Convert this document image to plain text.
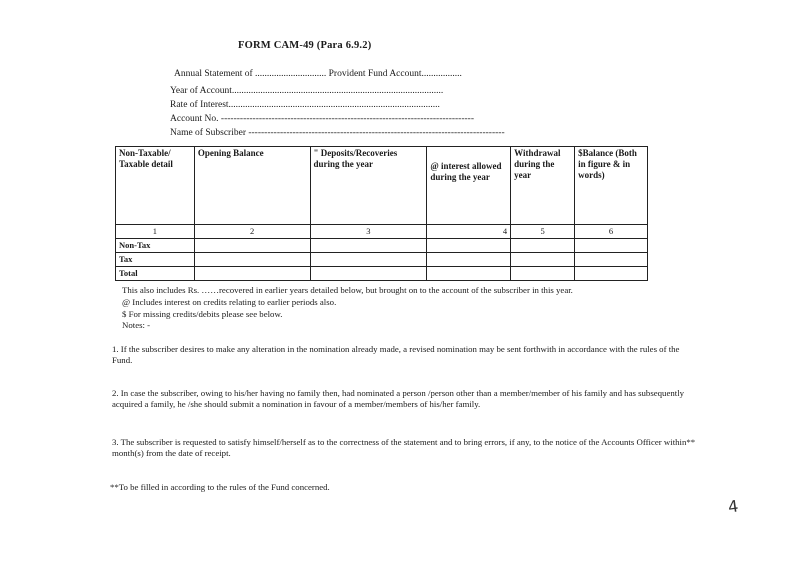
FORM CAM-49 (Para 6.9.2)
Annual Statement of .............................. Provident Fund Account.................
Year of Account.........................................................................................
Rate of Interest.........................................................................................
Account No. --------------------------------------------------------------------------------
Name of Subscriber ---------------------------------------------------------------------------------
Non-Taxable/ Taxable detail	Opening Balance	" Deposits/Recoveries during the year	@ interest allowed during the year	Withdrawal during the year	$Balance (Both in figure & in words)
1	2	3	4	5	6
Non-Tax					
Tax					
Total					
This also includes Rs. ……recovered in earlier years detailed below, but brought on to the account of the subscriber in this year.
@ Includes interest on credits relating to earlier periods also.
$ For missing credits/debits please see below.
Notes: -
1. If the subscriber desires to make any alteration in the nomination already made, a revised nomination may be sent forthwith in accordance with the rules of the Fund.
2. In case the subscriber, owing to his/her having no family then, had nominated a person /person other than a member/member of his family and has subsequently acquired a family, he /she should submit a nomination in favour of a member/members of his/her family.
3. The subscriber is requested to satisfy himself/herself as to the correctness of the statement and to bring errors, if any, to the notice of the Accounts Officer within** month(s) from the date of receipt.
**To be filled in according to the rules of the Fund concerned.
4
